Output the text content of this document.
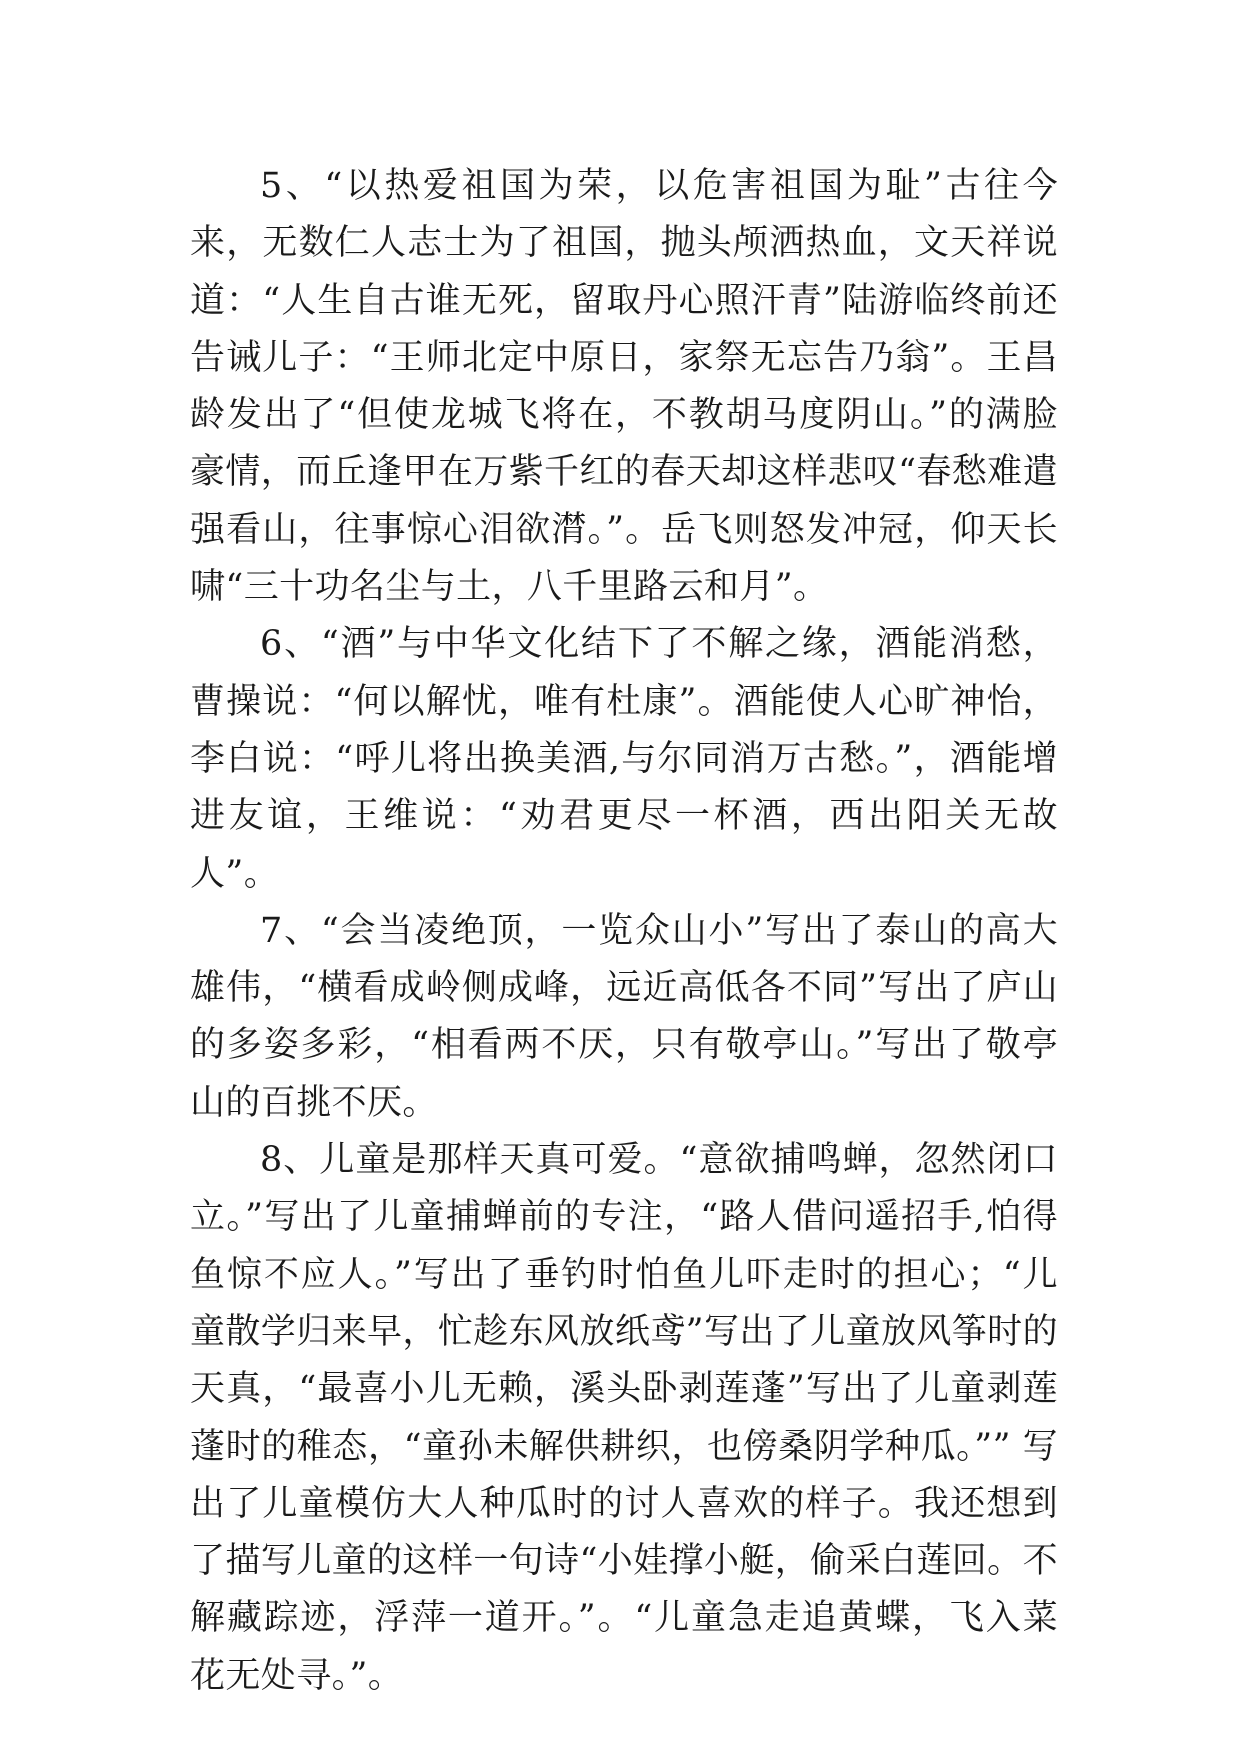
5、“以热爱祖国为荣，以危害祖国为耻”古往今来，无数仁人志士为了祖国，抛头颅洒热血，文天祥说道：“人生自古谁无死，留取丹心照汗青”陆游临终前还告诫儿子：“王师北定中原日，家祭无忘告乃翁”。王昌龄发出了“但使龙城飞将在，不教胡马度阴山。”的满脸豪情，而丘逢甲在万紫千红的春天却这样悲叹“春愁难遣强看山，往事惊心泪欲潸。”。岳飞则怒发冲冠，仰天长啸“三十功名尘与土，八千里路云和月”。

6、“酒”与中华文化结下了不解之缘，酒能消愁，曹操说：“何以解忧，唯有杜康”。酒能使人心旷神怡，李白说：“呼儿将出换美酒,与尔同消万古愁。”，酒能增进友谊，王维说：“劝君更尽一杯酒，西出阳关无故人”。

7、“会当凌绝顶，一览众山小”写出了泰山的高大雄伟，“横看成岭侧成峰，远近高低各不同”写出了庐山的多姿多彩，“相看两不厌，只有敬亭山。”写出了敬亭山的百挑不厌。

8、儿童是那样天真可爱。“意欲捕鸣蝉，忽然闭口立。”写出了儿童捕蝉前的专注，“路人借问遥招手,怕得鱼惊不应人。”写出了垂钓时怕鱼儿吓走时的担心；“儿童散学归来早，忙趁东风放纸鸢”写出了儿童放风筝时的天真，“最喜小儿无赖，溪头卧剥莲蓬”写出了儿童剥莲蓬时的稚态，“童孙未解供耕织，也傍桑阴学种瓜。”” 写出了儿童模仿大人种瓜时的讨人喜欢的样子。我还想到了描写儿童的这样一句诗“小娃撑小艇，偷采白莲回。不解藏踪迹，浮萍一道开。”。“儿童急走追黄蝶，飞入菜花无处寻。”。
